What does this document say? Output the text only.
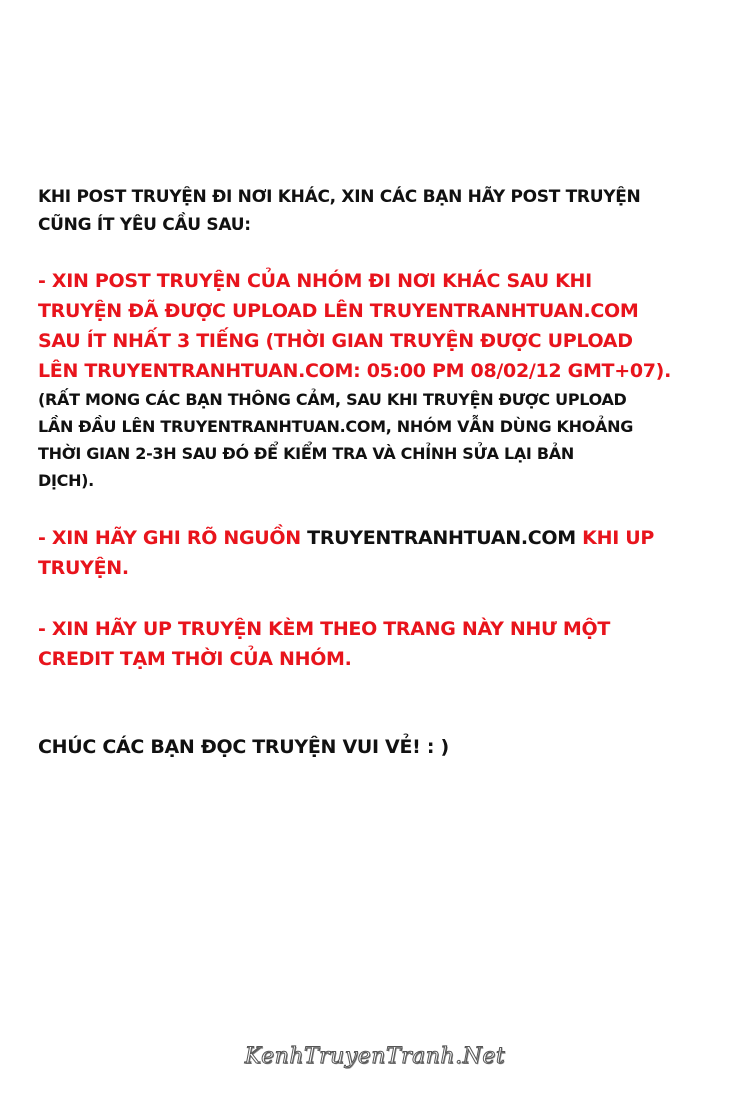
KHI POST TRUYỆN ĐI NƠI KHÁC, XIN CÁC BẠN HÃY POST TRUYỆN
CŨNG ÍT YÊU CẦU SAU:

- XIN POST TRUYỆN CỦA NHÓM ĐI NƠI KHÁC SAU KHI
TRUYỆN ĐÃ ĐƯỢC UPLOAD LÊN TRUYENTRANHTUAN.COM
SAU ÍT NHẤT 3 TIẾNG (THỜI GIAN TRUYỆN ĐƯỢC UPLOAD
LÊN TRUYENTRANHTUAN.COM: 05:00 PM 08/02/12 GMT+07).

(RẤT MONG CÁC BẠN THÔNG CẢM, SAU KHI TRUYỆN ĐƯỢC UPLOAD
LẦN ĐẦU LÊN TRUYENTRANHTUAN.COM, NHÓM VẪN DÙNG KHOẢNG
THỜI GIAN 2-3H SAU ĐÓ ĐỂ KIỂM TRA VÀ CHỈNH SỬA LẠI BẢN
DỊCH).

- XIN HÃY GHI RÕ NGUỒN TRUYENTRANHTUAN.COM KHI UP
TRUYỆN.

- XIN HÃY UP TRUYỆN KÈM THEO TRANG NÀY NHƯ MỘT
CREDIT TẠM THỜI CỦA NHÓM.

CHÚC CÁC BẠN ĐỌC TRUYỆN VUI VẺ! : )

KenhTruyenTranh.Net
